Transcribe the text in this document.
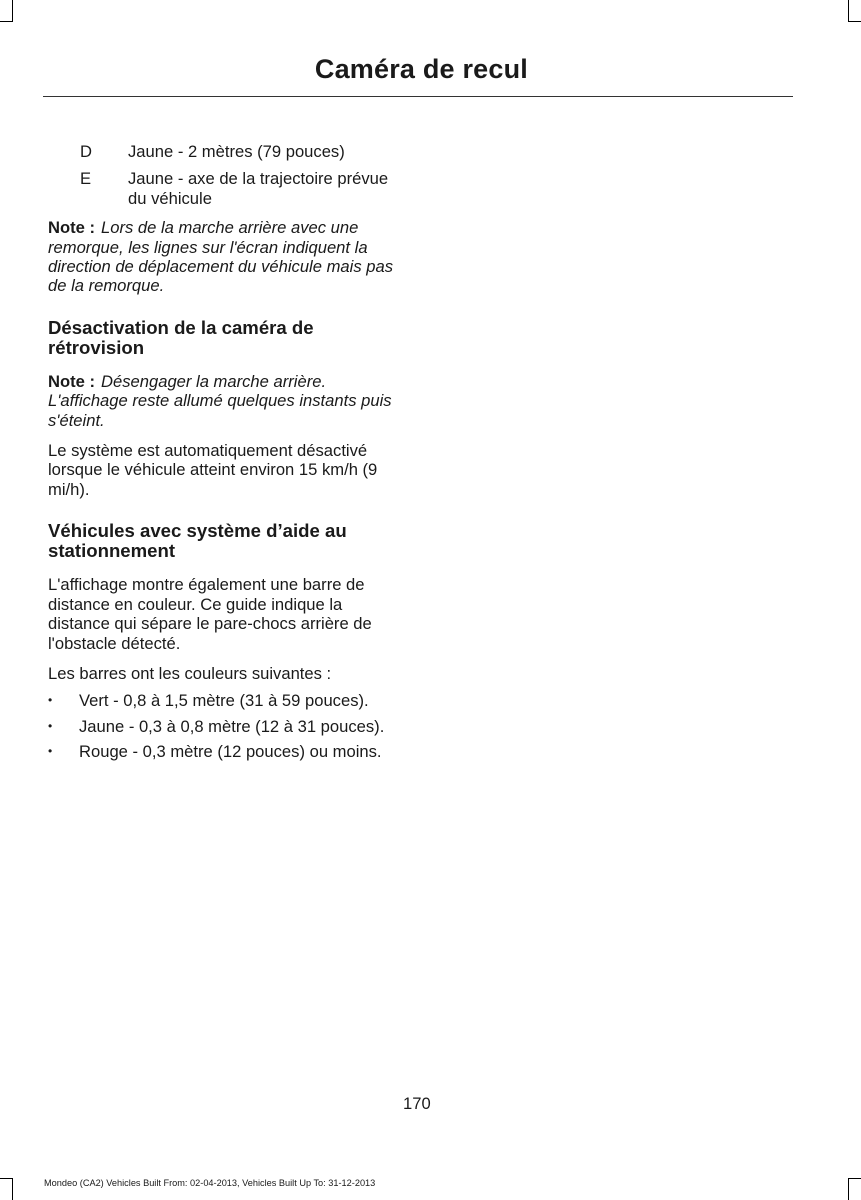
Caméra de recul
D	Jaune - 2 mètres (79 pouces)
E	Jaune - axe de la trajectoire prévue du véhicule

Note : Lors de la marche arrière avec une remorque, les lignes sur l'écran indiquent la direction de déplacement du véhicule mais pas de la remorque.

Désactivation de la caméra de rétrovision

Note : Désengager la marche arrière. L'affichage reste allumé quelques instants puis s'éteint.

Le système est automatiquement désactivé lorsque le véhicule atteint environ 15 km/h (9 mi/h).

Véhicules avec système d’aide au stationnement

L'affichage montre également une barre de distance en couleur. Ce guide indique la distance qui sépare le pare-chocs arrière de l'obstacle détecté.

Les barres ont les couleurs suivantes :

•	Vert - 0,8 à 1,5 mètre (31 à 59 pouces).
•	Jaune - 0,3 à 0,8 mètre (12 à 31 pouces).
•	Rouge - 0,3 mètre (12 pouces) ou moins.
170
Mondeo (CA2) Vehicles Built From: 02-04-2013, Vehicles Built Up To: 31-12-2013
